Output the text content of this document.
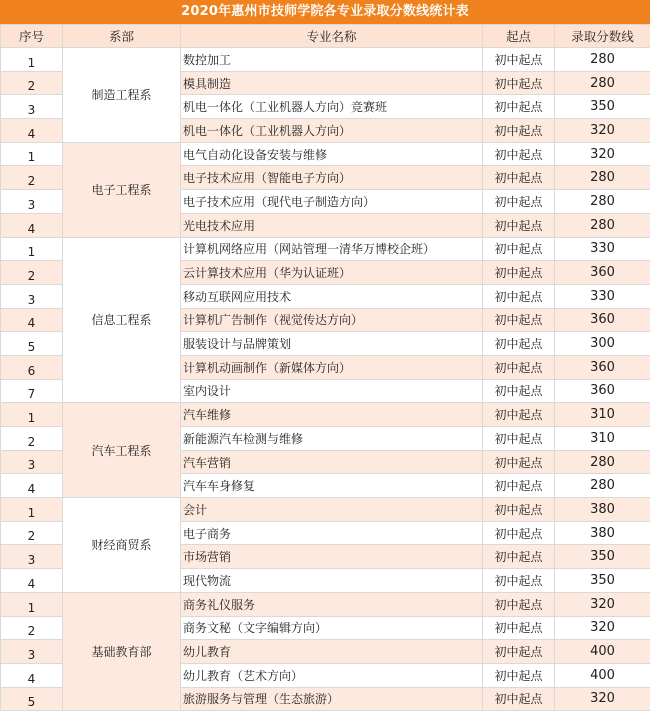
2020年惠州市技师学院各专业录取分数线统计表
序号	系部	专业名称	起点	录取分数线
1	制造工程系	数控加工	初中起点	280
2		模具制造	初中起点	280
3		机电一体化（工业机器人方向）竞赛班	初中起点	350
4		机电一体化（工业机器人方向）	初中起点	320
1	电子工程系	电气自动化设备安装与维修	初中起点	320
2		电子技术应用（智能电子方向）	初中起点	280
3		电子技术应用（现代电子制造方向）	初中起点	280
4		光电技术应用	初中起点	280
1	信息工程系	计算机网络应用（网站管理一清华万博校企班）	初中起点	330
2		云计算技术应用（华为认证班）	初中起点	360
3		移动互联网应用技术	初中起点	330
4		计算机广告制作（视觉传达方向）	初中起点	360
5		服装设计与品牌策划	初中起点	300
6		计算机动画制作（新媒体方向）	初中起点	360
7		室内设计	初中起点	360
1	汽车工程系	汽车维修	初中起点	310
2		新能源汽车检测与维修	初中起点	310
3		汽车营销	初中起点	280
4		汽车车身修复	初中起点	280
1	财经商贸系	会计	初中起点	380
2		电子商务	初中起点	380
3		市场营销	初中起点	350
4		现代物流	初中起点	350
1	基础教育部	商务礼仪服务	初中起点	320
2		商务文秘（文字编辑方向）	初中起点	320
3		幼儿教育	初中起点	400
4		幼儿教育（艺术方向）	初中起点	400
5		旅游服务与管理（生态旅游）	初中起点	320
